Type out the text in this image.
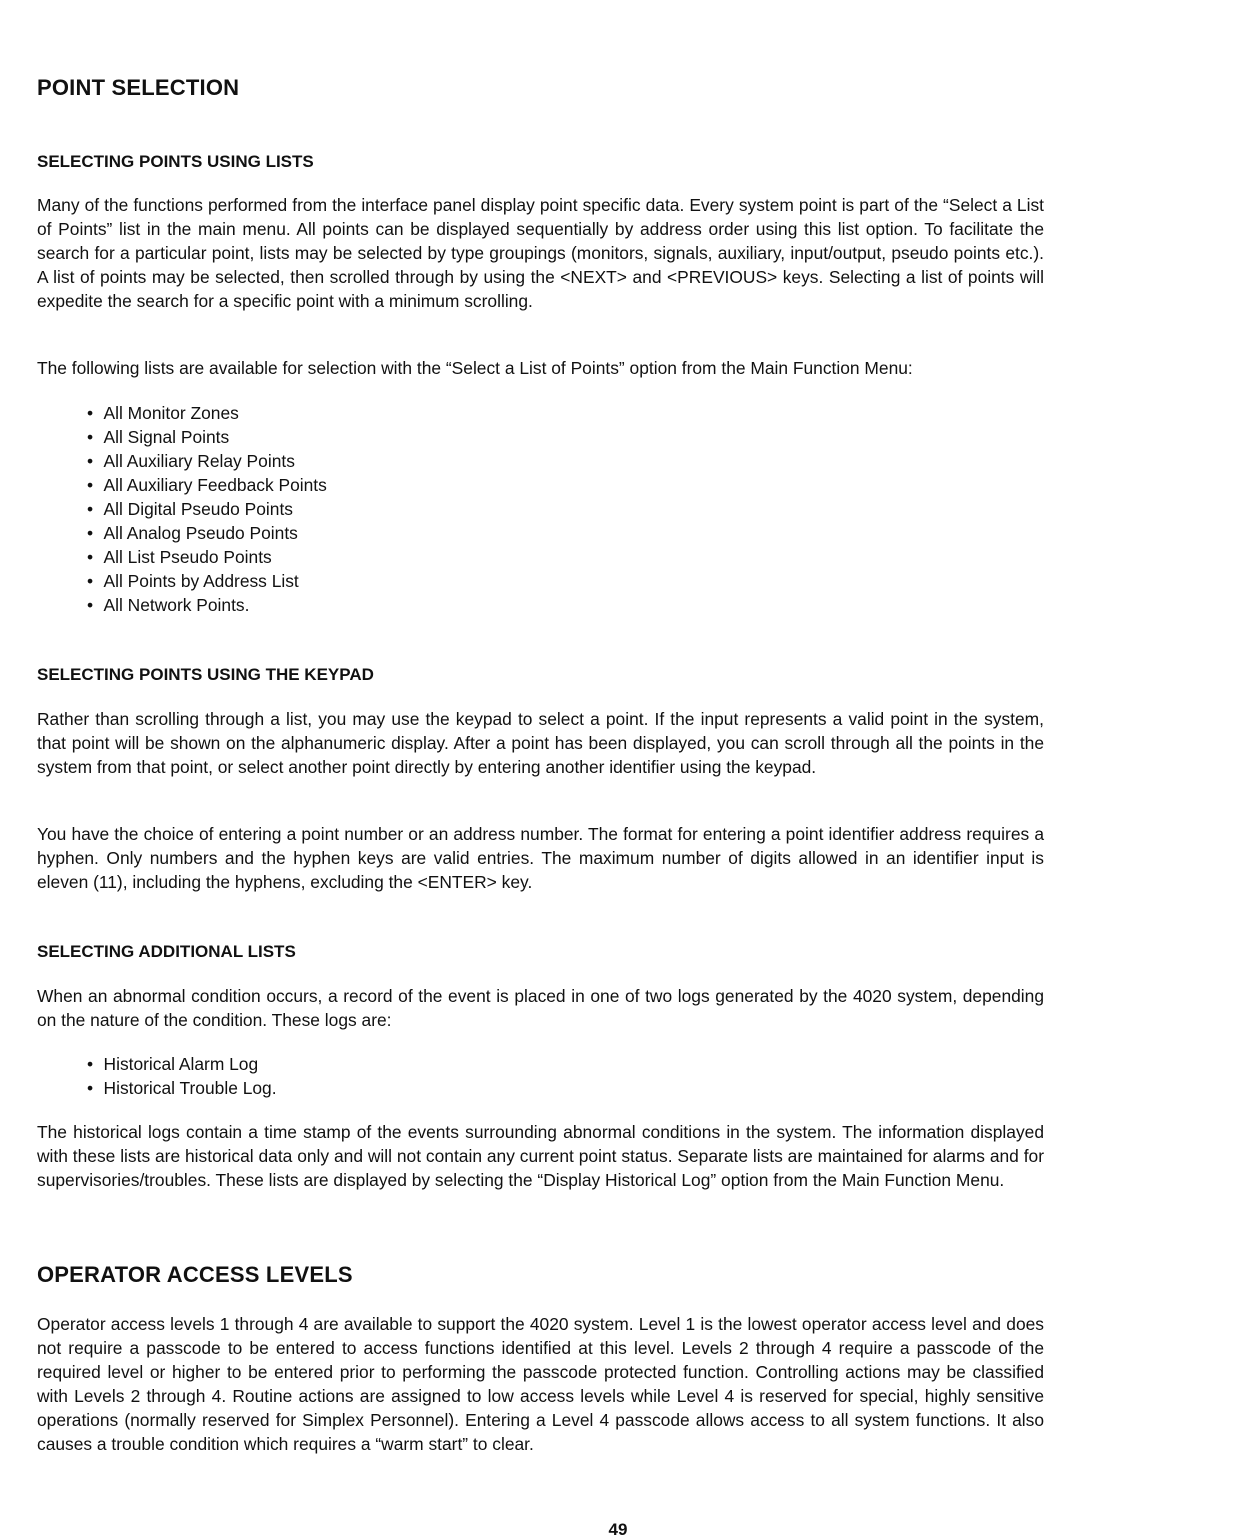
POINT SELECTION
SELECTING POINTS USING LISTS

Many of the functions performed from the interface panel display point specific data. Every system point is part of the “Select a List of Points” list in the main menu. All points can be displayed sequentially by address order using this list option. To facilitate the search for a particular point, lists may be selected by type groupings (monitors, signals, auxiliary, input/output, pseudo points etc.). A list of points may be selected, then scrolled through by using the <NEXT> and <PREVIOUS> keys. Selecting a list of points will expedite the search for a specific point with a minimum scrolling.

The following lists are available for selection with the “Select a List of Points” option from the Main Function Menu:

• All Monitor Zones
• All Signal Points
• All Auxiliary Relay Points
• All Auxiliary Feedback Points
• All Digital Pseudo Points
• All Analog Pseudo Points
• All List Pseudo Points
• All Points by Address List
• All Network Points.
SELECTING POINTS USING THE KEYPAD

Rather than scrolling through a list, you may use the keypad to select a point. If the input represents a valid point in the system, that point will be shown on the alphanumeric display. After a point has been displayed, you can scroll through all the points in the system from that point, or select another point directly by entering another identifier using the keypad.

You have the choice of entering a point number or an address number. The format for entering a point identifier address requires a hyphen. Only numbers and the hyphen keys are valid entries. The maximum number of digits allowed in an identifier input is eleven (11), including the hyphens, excluding the <ENTER> key.

SELECTING ADDITIONAL LISTS

When an abnormal condition occurs, a record of the event is placed in one of two logs generated by the 4020 system, depending on the nature of the condition. These logs are:

• Historical Alarm Log
• Historical Trouble Log.

The historical logs contain a time stamp of the events surrounding abnormal conditions in the system. The information displayed with these lists are historical data only and will not contain any current point status. Separate lists are maintained for alarms and for supervisories/troubles. These lists are displayed by selecting the “Display Historical Log” option from the Main Function Menu.

OPERATOR ACCESS LEVELS

Operator access levels 1 through 4 are available to support the 4020 system. Level 1 is the lowest operator access level and does not require a passcode to be entered to access functions identified at this level. Levels 2 through 4 require a passcode of the required level or higher to be entered prior to performing the passcode protected function. Controlling actions may be classified with Levels 2 through 4. Routine actions are assigned to low access levels while Level 4 is reserved for special, highly sensitive operations (normally reserved for Simplex Personnel). Entering a Level 4 passcode allows access to all system functions. It also causes a trouble condition which requires a “warm start” to clear.

49
